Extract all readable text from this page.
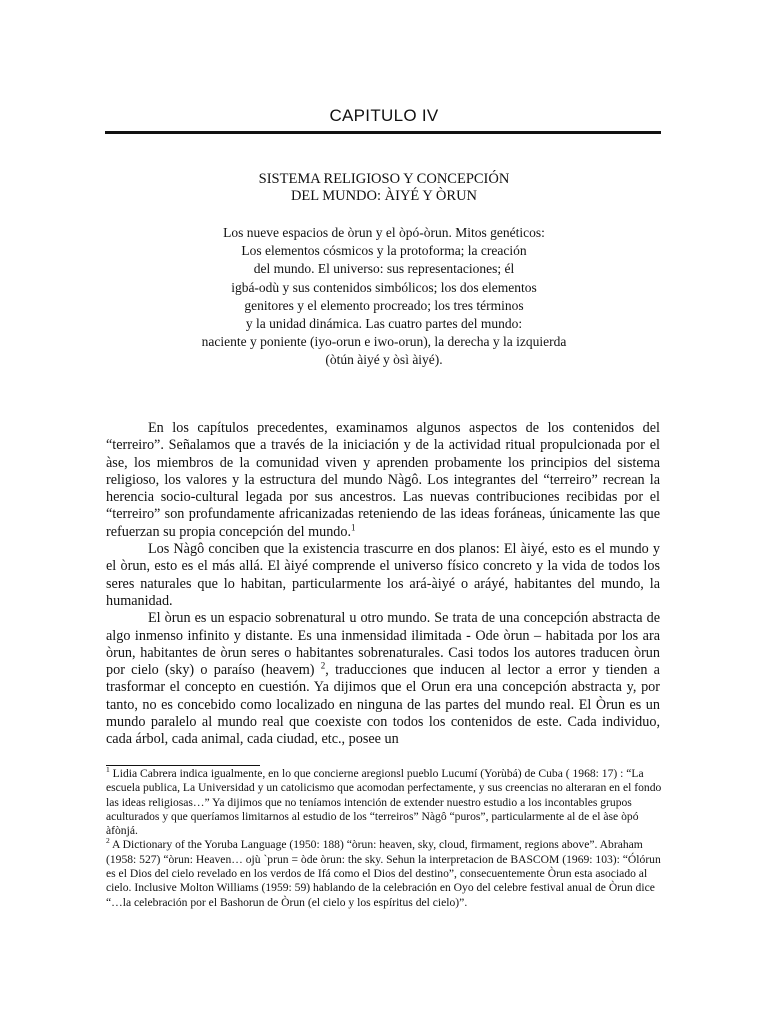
CAPITULO IV
SISTEMA RELIGIOSO Y CONCEPCIÓN
DEL MUNDO: ÀIYÉ Y ÒRUN
Los nueve espacios de òrun y el òpó-òrun. Mitos genéticos:
Los elementos cósmicos y la protoforma; la creación
del mundo. El universo: sus representaciones; él
igbá-odù y sus contenidos simbólicos; los dos elementos
genitores y el elemento procreado; los tres términos
y la unidad dinámica. Las cuatro partes del mundo:
naciente y poniente (iyo-orun e iwo-orun), la derecha y la izquierda
(òtún àiyé y òsì àiyé).

En los capítulos precedentes, examinamos algunos aspectos de los contenidos del “terreiro”. Señalamos que a través de la iniciación y de la actividad ritual propulcionada por el àse, los miembros de la comunidad viven y aprenden probamente los principios del sistema religioso, los valores y la estructura del mundo Nàgô. Los integrantes del “terreiro” recrean la herencia socio-cultural legada por sus ancestros. Las nuevas contribuciones recibidas por el “terreiro” son profundamente africanizadas reteniendo de las ideas foráneas, únicamente las que refuerzan su propia concepción del mundo.$^1$

Los Nàgô conciben que la existencia trascurre en dos planos: El àiyé, esto es el mundo y el òrun, esto es el más allá. El àiyé comprende el universo físico concreto y la vida de todos los seres naturales que lo habitan, particularmente los ará-àiyé o aráyé, habitantes del mundo, la humanidad.

El òrun es un espacio sobrenatural u otro mundo. Se trata de una concepción abstracta de algo inmenso infinito y distante. Es una inmensidad ilimitada - Ode òrun – habitada por los ara òrun, habitantes de òrun seres o habitantes sobrenaturales. Casi todos los autores traducen òrun por cielo (sky) o paraíso (heavem) $^2$, traducciones que inducen al lector a error y tienden a trasformar el concepto en cuestión. Ya dijimos que el Orun era una concepción abstracta y, por tanto, no es concebido como localizado en ninguna de las partes del mundo real. El Òrun es un mundo paralelo al mundo real que coexiste con todos los contenidos de este. Cada individuo, cada árbol, cada animal, cada ciudad, etc., posee un

$^1$ Lidia Cabrera indica igualmente, en lo que concierne aregionsl pueblo Lucumí (Yorùbá) de Cuba ( 1968: 17) : “La escuela publica, La Universidad y un catolicismo que acomodan perfectamente, y sus creencias no alteraran en el fondo las ideas religiosas…” Ya dijimos que no teníamos intención de extender nuestro estudio a los incontables grupos aculturados y que queríamos limitarnos al estudio de los “terreiros” Nàgô “puros”, particularmente al de el àse òpó àfònjá.

$^2$ A Dictionary of the Yoruba Language (1950: 188) “òrun: heaven, sky, cloud, firmament, regions above”. Abraham (1958: 527) “òrun: Heaven… ojù `prun = òde òrun: the sky. Sehun la interpretacion de BASCOM (1969: 103): “Ólórun es el Dios del cielo revelado en los verdos de Ifá como el Dios del destino”, consecuentemente Òrun esta asociado al cielo. Inclusive Molton Williams (1959: 59) hablando de la celebración en Oyo del celebre festival anual de Òrun dice “…la celebración por el Bashorun de Òrun (el cielo y los espíritus del cielo)”.
